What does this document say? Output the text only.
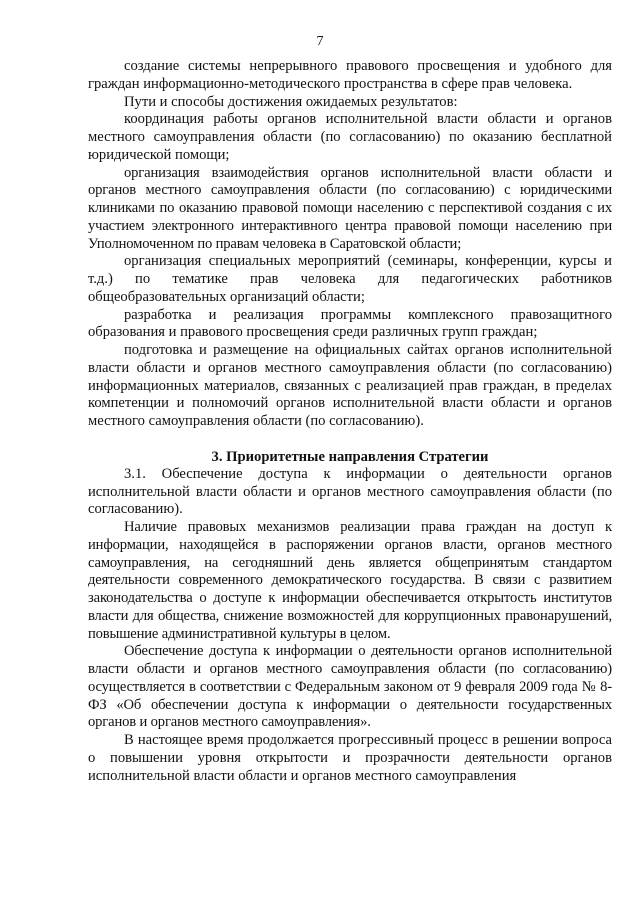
7

создание системы непрерывного правового просвещения и удобного для граждан информационно-методического пространства в сфере прав человека.

Пути и способы достижения ожидаемых результатов:

координация работы органов исполнительной власти области и органов местного самоуправления области (по согласованию) по оказанию бесплатной юридической помощи;

организация взаимодействия органов исполнительной власти области и органов местного самоуправления области (по согласованию) с юридическими клиниками по оказанию правовой помощи населению с перспективой создания с их участием электронного интерактивного центра правовой помощи населению при Уполномоченном по правам человека в Саратовской области;

организация специальных мероприятий (семинары, конференции, курсы и т.д.) по тематике прав человека для педагогических работников общеобразовательных организаций области;

разработка и реализация программы комплексного правозащитного образования и правового просвещения среди различных групп граждан;

подготовка и размещение на официальных сайтах органов исполнительной власти области и органов местного самоуправления области (по согласованию) информационных материалов, связанных с реализацией прав граждан, в пределах компетенции и полномочий органов исполнительной власти области и органов местного самоуправления области (по согласованию).

3. Приоритетные направления Стратегии

3.1. Обеспечение доступа к информации о деятельности органов исполнительной власти области и органов местного самоуправления области (по согласованию).

Наличие правовых механизмов реализации права граждан на доступ к информации, находящейся в распоряжении органов власти, органов местного самоуправления, на сегодняшний день является общепринятым стандартом деятельности современного демократического государства. В связи с развитием законодательства о доступе к информации обеспечивается открытость институтов власти для общества, снижение возможностей для коррупционных правонарушений, повышение административной культуры в целом.

Обеспечение доступа к информации о деятельности органов исполнительной власти области и органов местного самоуправления области (по согласованию) осуществляется в соответствии с Федеральным законом от 9 февраля 2009 года № 8-ФЗ «Об обеспечении доступа к информации о деятельности государственных органов и органов местного самоуправления».

В настоящее время продолжается прогрессивный процесс в решении вопроса о повышении уровня открытости и прозрачности деятельности органов исполнительной власти области и органов местного самоуправления
